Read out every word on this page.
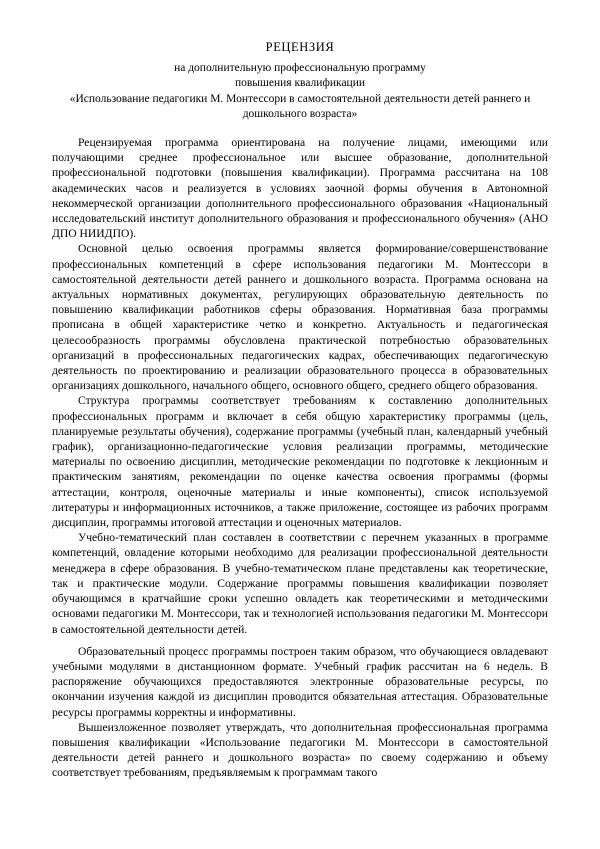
РЕЦЕНЗИЯ
на дополнительную профессиональную программу
повышения квалификации
«Использование педагогики М. Монтессори в самостоятельной деятельности детей раннего и дошкольного возраста»

Рецензируемая программа ориентирована на получение лицами, имеющими или получающими среднее профессиональное или высшее образование, дополнительной профессиональной подготовки (повышения квалификации). Программа рассчитана на 108 академических часов и реализуется в условиях заочной формы обучения в Автономной некоммерческой организации дополнительного профессионального образования «Национальный исследовательский институт дополнительного образования и профессионального обучения» (АНО ДПО НИИДПО).

Основной целью освоения программы является формирование/совершенствование профессиональных компетенций в сфере использования педагогики М. Монтессори в самостоятельной деятельности детей раннего и дошкольного возраста. Программа основана на актуальных нормативных документах, регулирующих образовательную деятельность по повышению квалификации работников сферы образования. Нормативная база программы прописана в общей характеристике четко и конкретно. Актуальность и педагогическая целесообразность программы обусловлена практической потребностью образовательных организаций в профессиональных педагогических кадрах, обеспечивающих педагогическую деятельность по проектированию и реализации образовательного процесса в образовательных организациях дошкольного, начального общего, основного общего, среднего общего образования.

Структура программы соответствует требованиям к составлению дополнительных профессиональных программ и включает в себя общую характеристику программы (цель, планируемые результаты обучения), содержание программы (учебный план, календарный учебный график), организационно-педагогические условия реализации программы, методические материалы по освоению дисциплин, методические рекомендации по подготовке к лекционным и практическим занятиям, рекомендации по оценке качества освоения программы (формы аттестации, контроля, оценочные материалы и иные компоненты), список используемой литературы и информационных источников, а также приложение, состоящее из рабочих программ дисциплин, программы итоговой аттестации и оценочных материалов.

Учебно-тематический план составлен в соответствии с перечнем указанных в программе компетенций, овладение которыми необходимо для реализации профессиональной деятельности менеджера в сфере образования. В учебно-тематическом плане представлены как теоретические, так и практические модули. Содержание программы повышения квалификации позволяет обучающимся в кратчайшие сроки успешно овладеть как теоретическими и методическими основами педагогики М. Монтессори, так и технологией использования педагогики М. Монтессори в самостоятельной деятельности детей.

Образовательный процесс программы построен таким образом, что обучающиеся овладевают учебными модулями в дистанционном формате. Учебный график рассчитан на 6 недель. В распоряжение обучающихся предоставляются электронные образовательные ресурсы, по окончании изучения каждой из дисциплин проводится обязательная аттестация. Образовательные ресурсы программы корректны и информативны.

Вышеизложенное позволяет утверждать, что дополнительная профессиональная программа повышения квалификации «Использование педагогики М. Монтессори в самостоятельной деятельности детей раннего и дошкольного возраста» по своему содержанию и объему соответствует требованиям, предъявляемым к программам такого
